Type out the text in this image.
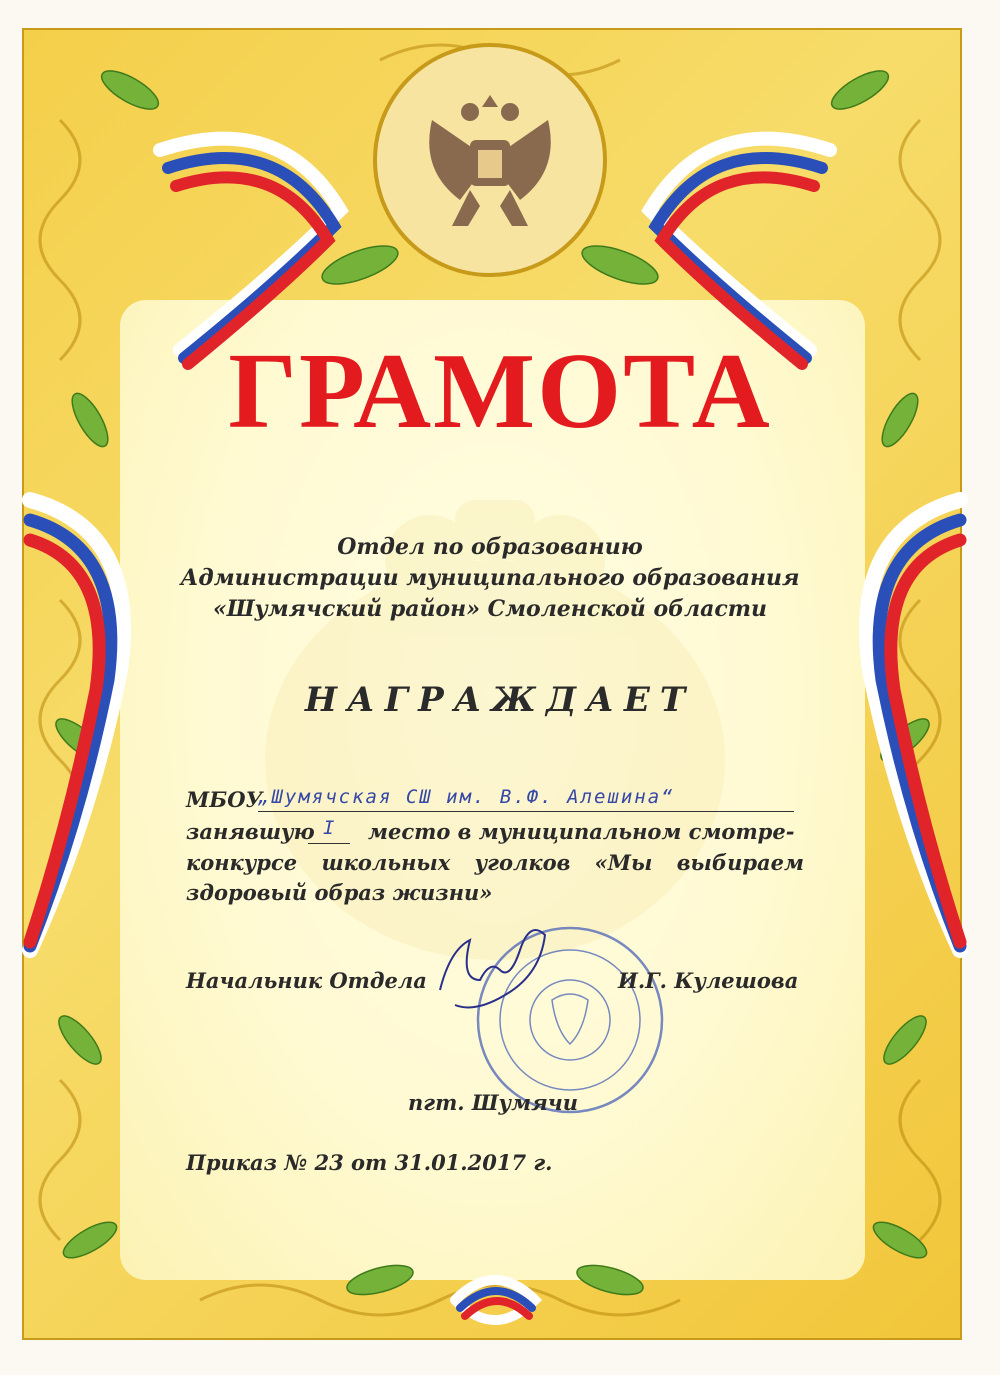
ГРАМОТА
Отдел по образованию
Администрации муниципального образования
«Шумячский район» Смоленской области
НАГРАЖДАЕТ
МБОУ
„Шумячская СШ им. В.Ф. Алешина“
занявшую I место в муниципальном смотре-
конкурсе школьных уголков «Мы выбираем
здоровый образ жизни»
Начальник Отдела	И.Г. Кулешова
пгт. Шумячи
Приказ № 23 от 31.01.2017 г.
